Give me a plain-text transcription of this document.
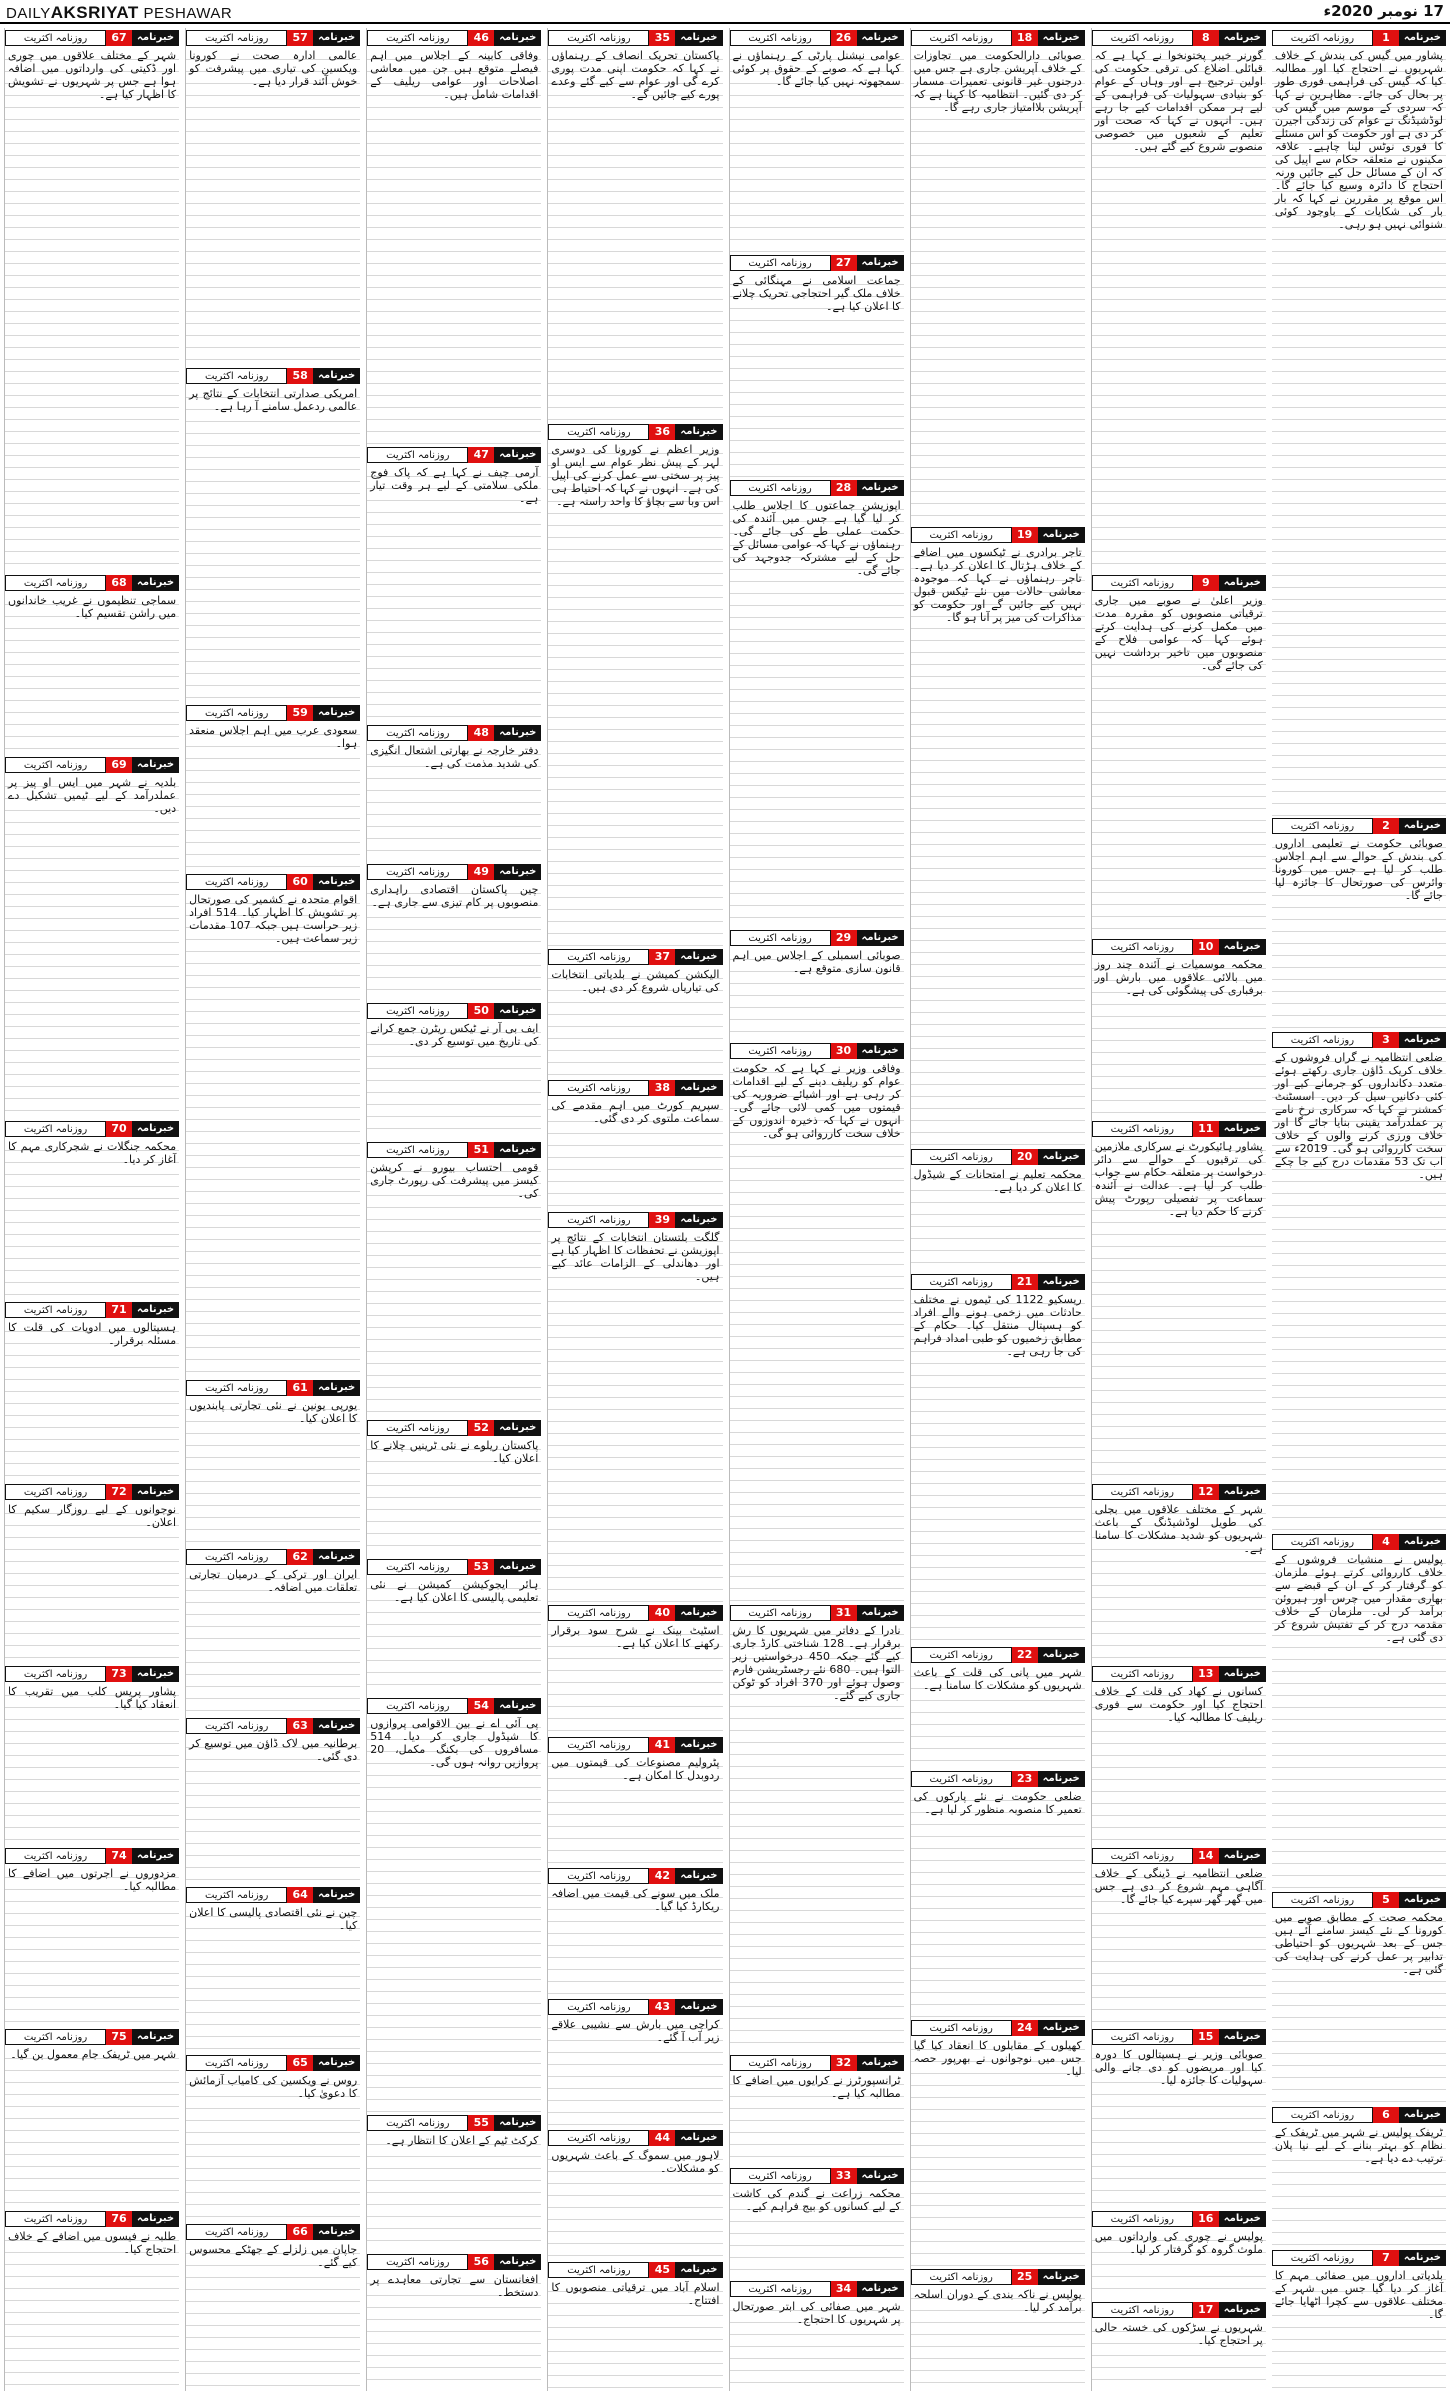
DAILYAKSRIYAT PESHAWAR	17 نومبر 2020ء
خبرنامہ
1
روزنامہ اکثریت
پشاور میں گیس کی بندش کے خلاف شہریوں نے احتجاج کیا اور مطالبہ کیا کہ گیس کی فراہمی فوری طور پر بحال کی جائے۔ مظاہرین نے کہا کہ سردی کے موسم میں گیس کی لوڈشیڈنگ نے عوام کی زندگی اجیرن کر دی ہے اور حکومت کو اس مسئلے کا فوری نوٹس لینا چاہیے۔ علاقہ مکینوں نے متعلقہ حکام سے اپیل کی کہ ان کے مسائل حل کیے جائیں ورنہ احتجاج کا دائرہ وسیع کیا جائے گا۔ اس موقع پر مقررین نے کہا کہ بار بار کی شکایات کے باوجود کوئی شنوائی نہیں ہو رہی۔
خبرنامہ
2
روزنامہ اکثریت
صوبائی حکومت نے تعلیمی اداروں کی بندش کے حوالے سے اہم اجلاس طلب کر لیا ہے جس میں کورونا وائرس کی صورتحال کا جائزہ لیا جائے گا۔
خبرنامہ
3
روزنامہ اکثریت
ضلعی انتظامیہ نے گراں فروشوں کے خلاف کریک ڈاؤن جاری رکھتے ہوئے متعدد دکانداروں کو جرمانے کیے اور کئی دکانیں سیل کر دیں۔ اسسٹنٹ کمشنر نے کہا کہ سرکاری نرخ نامے پر عملدرآمد یقینی بنایا جائے گا اور خلاف ورزی کرنے والوں کے خلاف سخت کارروائی ہو گی۔ 2019ء سے اب تک 53 مقدمات درج کیے جا چکے ہیں۔
خبرنامہ
4
روزنامہ اکثریت
پولیس نے منشیات فروشوں کے خلاف کارروائی کرتے ہوئے ملزمان کو گرفتار کر کے ان کے قبضے سے بھاری مقدار میں چرس اور ہیروئن برآمد کر لی۔ ملزمان کے خلاف مقدمہ درج کر کے تفتیش شروع کر دی گئی ہے۔
خبرنامہ
5
روزنامہ اکثریت
محکمہ صحت کے مطابق صوبے میں کورونا کے نئے کیسز سامنے آئے ہیں جس کے بعد شہریوں کو احتیاطی تدابیر پر عمل کرنے کی ہدایت کی گئی ہے۔
خبرنامہ
6
روزنامہ اکثریت
ٹریفک پولیس نے شہر میں ٹریفک کے نظام کو بہتر بنانے کے لیے نیا پلان ترتیب دے دیا ہے۔
خبرنامہ
7
روزنامہ اکثریت
بلدیاتی اداروں میں صفائی مہم کا آغاز کر دیا گیا جس میں شہر کے مختلف علاقوں سے کچرا اٹھایا جائے گا۔
خبرنامہ
8
روزنامہ اکثریت
گورنر خیبر پختونخوا نے کہا ہے کہ قبائلی اضلاع کی ترقی حکومت کی اولین ترجیح ہے اور وہاں کے عوام کو بنیادی سہولیات کی فراہمی کے لیے ہر ممکن اقدامات کیے جا رہے ہیں۔ انہوں نے کہا کہ صحت اور تعلیم کے شعبوں میں خصوصی منصوبے شروع کیے گئے ہیں۔
خبرنامہ
9
روزنامہ اکثریت
وزیر اعلیٰ نے صوبے میں جاری ترقیاتی منصوبوں کو مقررہ مدت میں مکمل کرنے کی ہدایت کرتے ہوئے کہا کہ عوامی فلاح کے منصوبوں میں تاخیر برداشت نہیں کی جائے گی۔
خبرنامہ
10
روزنامہ اکثریت
محکمہ موسمیات نے آئندہ چند روز میں بالائی علاقوں میں بارش اور برفباری کی پیشگوئی کی ہے۔
خبرنامہ
11
روزنامہ اکثریت
پشاور ہائیکورٹ نے سرکاری ملازمین کی ترقیوں کے حوالے سے دائر درخواست پر متعلقہ حکام سے جواب طلب کر لیا ہے۔ عدالت نے آئندہ سماعت پر تفصیلی رپورٹ پیش کرنے کا حکم دیا ہے۔
خبرنامہ
12
روزنامہ اکثریت
شہر کے مختلف علاقوں میں بجلی کی طویل لوڈشیڈنگ کے باعث شہریوں کو شدید مشکلات کا سامنا ہے۔
خبرنامہ
13
روزنامہ اکثریت
کسانوں نے کھاد کی قلت کے خلاف احتجاج کیا اور حکومت سے فوری ریلیف کا مطالبہ کیا۔
خبرنامہ
14
روزنامہ اکثریت
ضلعی انتظامیہ نے ڈینگی کے خلاف آگاہی مہم شروع کر دی ہے جس میں گھر گھر سپرے کیا جائے گا۔
خبرنامہ
15
روزنامہ اکثریت
صوبائی وزیر نے ہسپتالوں کا دورہ کیا اور مریضوں کو دی جانے والی سہولیات کا جائزہ لیا۔
خبرنامہ
16
روزنامہ اکثریت
پولیس نے چوری کی وارداتوں میں ملوث گروہ کو گرفتار کر لیا۔
خبرنامہ
17
روزنامہ اکثریت
شہریوں نے سڑکوں کی خستہ حالی پر احتجاج کیا۔
خبرنامہ
18
روزنامہ اکثریت
صوبائی دارالحکومت میں تجاوزات کے خلاف آپریشن جاری ہے جس میں درجنوں غیر قانونی تعمیرات مسمار کر دی گئیں۔ انتظامیہ کا کہنا ہے کہ آپریشن بلاامتیاز جاری رہے گا۔
خبرنامہ
19
روزنامہ اکثریت
تاجر برادری نے ٹیکسوں میں اضافے کے خلاف ہڑتال کا اعلان کر دیا ہے۔ تاجر رہنماؤں نے کہا کہ موجودہ معاشی حالات میں نئے ٹیکس قبول نہیں کیے جائیں گے اور حکومت کو مذاکرات کی میز پر آنا ہو گا۔
خبرنامہ
20
روزنامہ اکثریت
محکمہ تعلیم نے امتحانات کے شیڈول کا اعلان کر دیا ہے۔
خبرنامہ
21
روزنامہ اکثریت
ریسکیو 1122 کی ٹیموں نے مختلف حادثات میں زخمی ہونے والے افراد کو ہسپتال منتقل کیا۔ حکام کے مطابق زخمیوں کو طبی امداد فراہم کی جا رہی ہے۔
خبرنامہ
22
روزنامہ اکثریت
شہر میں پانی کی قلت کے باعث شہریوں کو مشکلات کا سامنا ہے۔
خبرنامہ
23
روزنامہ اکثریت
ضلعی حکومت نے نئے پارکوں کی تعمیر کا منصوبہ منظور کر لیا ہے۔
خبرنامہ
24
روزنامہ اکثریت
کھیلوں کے مقابلوں کا انعقاد کیا گیا جس میں نوجوانوں نے بھرپور حصہ لیا۔
خبرنامہ
25
روزنامہ اکثریت
پولیس نے ناکہ بندی کے دوران اسلحہ برآمد کر لیا۔
خبرنامہ
26
روزنامہ اکثریت
عوامی نیشنل پارٹی کے رہنماؤں نے کہا ہے کہ صوبے کے حقوق پر کوئی سمجھوتہ نہیں کیا جائے گا۔
خبرنامہ
27
روزنامہ اکثریت
جماعت اسلامی نے مہنگائی کے خلاف ملک گیر احتجاجی تحریک چلانے کا اعلان کیا ہے۔
خبرنامہ
28
روزنامہ اکثریت
اپوزیشن جماعتوں کا اجلاس طلب کر لیا گیا ہے جس میں آئندہ کی حکمت عملی طے کی جائے گی۔ رہنماؤں نے کہا کہ عوامی مسائل کے حل کے لیے مشترکہ جدوجہد کی جائے گی۔
خبرنامہ
29
روزنامہ اکثریت
صوبائی اسمبلی کے اجلاس میں اہم قانون سازی متوقع ہے۔
خبرنامہ
30
روزنامہ اکثریت
وفاقی وزیر نے کہا ہے کہ حکومت عوام کو ریلیف دینے کے لیے اقدامات کر رہی ہے اور اشیائے ضروریہ کی قیمتوں میں کمی لائی جائے گی۔ انہوں نے کہا کہ ذخیرہ اندوزوں کے خلاف سخت کارروائی ہو گی۔
خبرنامہ
31
روزنامہ اکثریت
نادرا کے دفاتر میں شہریوں کا رش برقرار ہے۔ 128 شناختی کارڈ جاری کیے گئے جبکہ 450 درخواستیں زیر التوا ہیں۔ 680 نئے رجسٹریشن فارم وصول ہوئے اور 370 افراد کو ٹوکن جاری کیے گئے۔
خبرنامہ
32
روزنامہ اکثریت
ٹرانسپورٹرز نے کرایوں میں اضافے کا مطالبہ کیا ہے۔
خبرنامہ
33
روزنامہ اکثریت
محکمہ زراعت نے گندم کی کاشت کے لیے کسانوں کو بیج فراہم کیے۔
خبرنامہ
34
روزنامہ اکثریت
شہر میں صفائی کی ابتر صورتحال پر شہریوں کا احتجاج۔
خبرنامہ
35
روزنامہ اکثریت
پاکستان تحریک انصاف کے رہنماؤں نے کہا کہ حکومت اپنی مدت پوری کرے گی اور عوام سے کیے گئے وعدے پورے کیے جائیں گے۔
خبرنامہ
36
روزنامہ اکثریت
وزیر اعظم نے کورونا کی دوسری لہر کے پیش نظر عوام سے ایس او پیز پر سختی سے عمل کرنے کی اپیل کی ہے۔ انہوں نے کہا کہ احتیاط ہی اس وبا سے بچاؤ کا واحد راستہ ہے۔
خبرنامہ
37
روزنامہ اکثریت
الیکشن کمیشن نے بلدیاتی انتخابات کی تیاریاں شروع کر دی ہیں۔
خبرنامہ
38
روزنامہ اکثریت
سپریم کورٹ میں اہم مقدمے کی سماعت ملتوی کر دی گئی۔
خبرنامہ
39
روزنامہ اکثریت
گلگت بلتستان انتخابات کے نتائج پر اپوزیشن نے تحفظات کا اظہار کیا ہے اور دھاندلی کے الزامات عائد کیے ہیں۔
خبرنامہ
40
روزنامہ اکثریت
اسٹیٹ بینک نے شرح سود برقرار رکھنے کا اعلان کیا ہے۔
خبرنامہ
41
روزنامہ اکثریت
پٹرولیم مصنوعات کی قیمتوں میں ردوبدل کا امکان ہے۔
خبرنامہ
42
روزنامہ اکثریت
ملک میں سونے کی قیمت میں اضافہ ریکارڈ کیا گیا۔
خبرنامہ
43
روزنامہ اکثریت
کراچی میں بارش سے نشیبی علاقے زیر آب آ گئے۔
خبرنامہ
44
روزنامہ اکثریت
لاہور میں سموگ کے باعث شہریوں کو مشکلات۔
خبرنامہ
45
روزنامہ اکثریت
اسلام آباد میں ترقیاتی منصوبوں کا افتتاح۔
خبرنامہ
46
روزنامہ اکثریت
وفاقی کابینہ کے اجلاس میں اہم فیصلے متوقع ہیں جن میں معاشی اصلاحات اور عوامی ریلیف کے اقدامات شامل ہیں۔
خبرنامہ
47
روزنامہ اکثریت
آرمی چیف نے کہا ہے کہ پاک فوج ملکی سلامتی کے لیے ہر وقت تیار ہے۔
خبرنامہ
48
روزنامہ اکثریت
دفتر خارجہ نے بھارتی اشتعال انگیزی کی شدید مذمت کی ہے۔
خبرنامہ
49
روزنامہ اکثریت
چین پاکستان اقتصادی راہداری منصوبوں پر کام تیزی سے جاری ہے۔
خبرنامہ
50
روزنامہ اکثریت
ایف بی آر نے ٹیکس ریٹرن جمع کرانے کی تاریخ میں توسیع کر دی۔
خبرنامہ
51
روزنامہ اکثریت
قومی احتساب بیورو نے کرپشن کیسز میں پیشرفت کی رپورٹ جاری کی۔
خبرنامہ
52
روزنامہ اکثریت
پاکستان ریلوے نے نئی ٹرینیں چلانے کا اعلان کیا۔
خبرنامہ
53
روزنامہ اکثریت
ہائر ایجوکیشن کمیشن نے نئی تعلیمی پالیسی کا اعلان کیا ہے۔
خبرنامہ
54
روزنامہ اکثریت
پی آئی اے نے بین الاقوامی پروازوں کا شیڈول جاری کر دیا۔ 514 مسافروں کی بکنگ مکمل، 20 پروازیں روانہ ہوں گی۔
خبرنامہ
55
روزنامہ اکثریت
کرکٹ ٹیم کے اعلان کا انتظار ہے۔
خبرنامہ
56
روزنامہ اکثریت
افغانستان سے تجارتی معاہدے پر دستخط۔
خبرنامہ
57
روزنامہ اکثریت
عالمی ادارہ صحت نے کورونا ویکسین کی تیاری میں پیشرفت کو خوش آئند قرار دیا ہے۔
خبرنامہ
58
روزنامہ اکثریت
امریکی صدارتی انتخابات کے نتائج پر عالمی ردعمل سامنے آ رہا ہے۔
خبرنامہ
59
روزنامہ اکثریت
سعودی عرب میں اہم اجلاس منعقد ہوا۔
خبرنامہ
60
روزنامہ اکثریت
اقوام متحدہ نے کشمیر کی صورتحال پر تشویش کا اظہار کیا۔ 514 افراد زیر حراست ہیں جبکہ 107 مقدمات زیر سماعت ہیں۔
خبرنامہ
61
روزنامہ اکثریت
یورپی یونین نے نئی تجارتی پابندیوں کا اعلان کیا۔
خبرنامہ
62
روزنامہ اکثریت
ایران اور ترکی کے درمیان تجارتی تعلقات میں اضافہ۔
خبرنامہ
63
روزنامہ اکثریت
برطانیہ میں لاک ڈاؤن میں توسیع کر دی گئی۔
خبرنامہ
64
روزنامہ اکثریت
چین نے نئی اقتصادی پالیسی کا اعلان کیا۔
خبرنامہ
65
روزنامہ اکثریت
روس نے ویکسین کی کامیاب آزمائش کا دعویٰ کیا۔
خبرنامہ
66
روزنامہ اکثریت
جاپان میں زلزلے کے جھٹکے محسوس کیے گئے۔
خبرنامہ
67
روزنامہ اکثریت
شہر کے مختلف علاقوں میں چوری اور ڈکیتی کی وارداتوں میں اضافہ ہوا ہے جس پر شہریوں نے تشویش کا اظہار کیا ہے۔
خبرنامہ
68
روزنامہ اکثریت
سماجی تنظیموں نے غریب خاندانوں میں راشن تقسیم کیا۔
خبرنامہ
69
روزنامہ اکثریت
بلدیہ نے شہر میں ایس او پیز پر عملدرآمد کے لیے ٹیمیں تشکیل دے دیں۔
خبرنامہ
70
روزنامہ اکثریت
محکمہ جنگلات نے شجرکاری مہم کا آغاز کر دیا۔
خبرنامہ
71
روزنامہ اکثریت
ہسپتالوں میں ادویات کی قلت کا مسئلہ برقرار۔
خبرنامہ
72
روزنامہ اکثریت
نوجوانوں کے لیے روزگار سکیم کا اعلان۔
خبرنامہ
73
روزنامہ اکثریت
پشاور پریس کلب میں تقریب کا انعقاد کیا گیا۔
خبرنامہ
74
روزنامہ اکثریت
مزدوروں نے اجرتوں میں اضافے کا مطالبہ کیا۔
خبرنامہ
75
روزنامہ اکثریت
شہر میں ٹریفک جام معمول بن گیا۔
خبرنامہ
76
روزنامہ اکثریت
طلبہ نے فیسوں میں اضافے کے خلاف احتجاج کیا۔
